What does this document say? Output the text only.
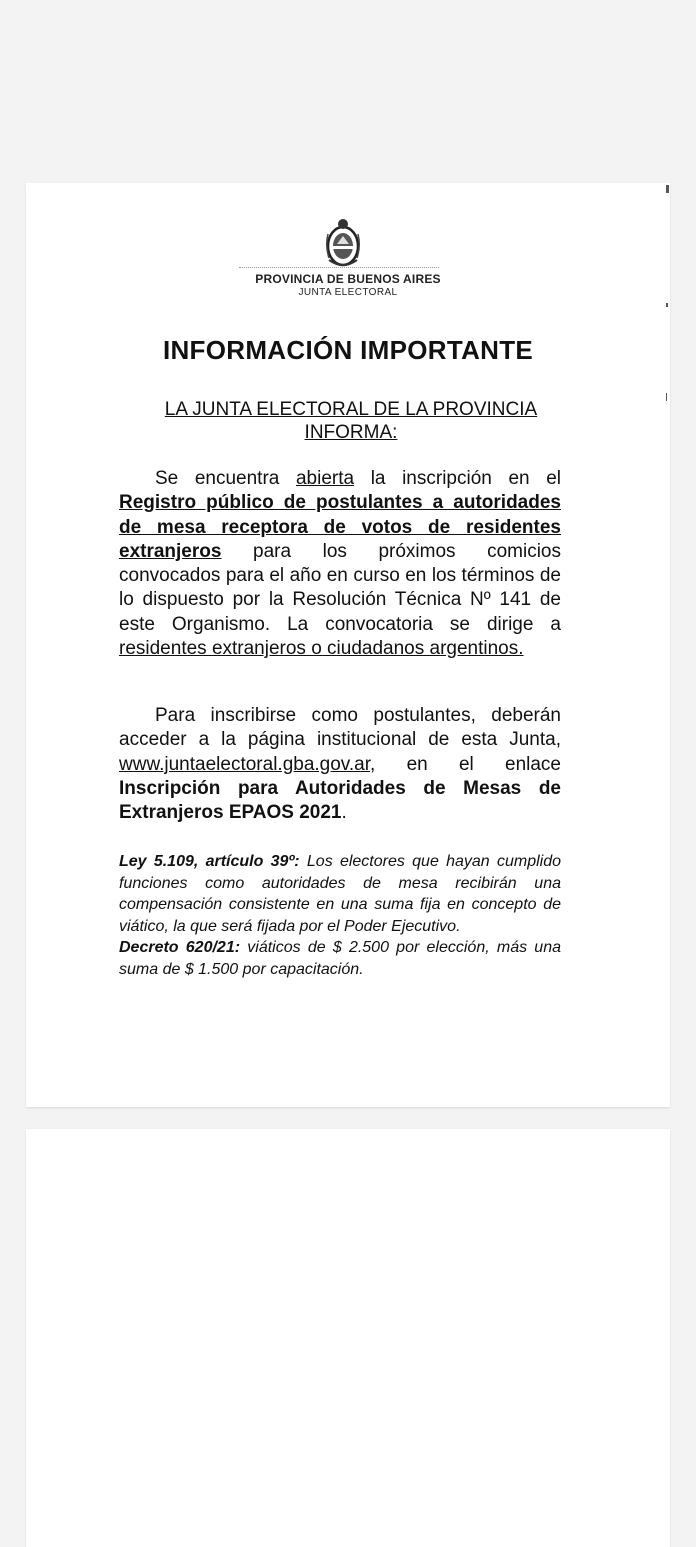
PROVINCIA DE BUENOS AIRES
JUNTA ELECTORAL
INFORMACIÓN IMPORTANTE
LA JUNTA ELECTORAL DE LA PROVINCIA INFORMA:
Se encuentra abierta la inscripción en el Registro público de postulantes a autoridades de mesa receptora de votos de residentes extranjeros para los próximos comicios convocados para el año en curso en los términos de lo dispuesto por la Resolución Técnica Nº 141 de este Organismo. La convocatoria se dirige a residentes extranjeros o ciudadanos argentinos.
Para inscribirse como postulantes, deberán acceder a la página institucional de esta Junta, www.juntaelectoral.gba.gov.ar, en el enlace Inscripción para Autoridades de Mesas de Extranjeros EPAOS 2021.
Ley 5.109, artículo 39º: Los electores que hayan cumplido funciones como autoridades de mesa recibirán una compensación consistente en una suma fija en concepto de viático, la que será fijada por el Poder Ejecutivo.
Decreto 620/21: viáticos de $ 2.500 por elección, más una suma de $ 1.500 por capacitación.
